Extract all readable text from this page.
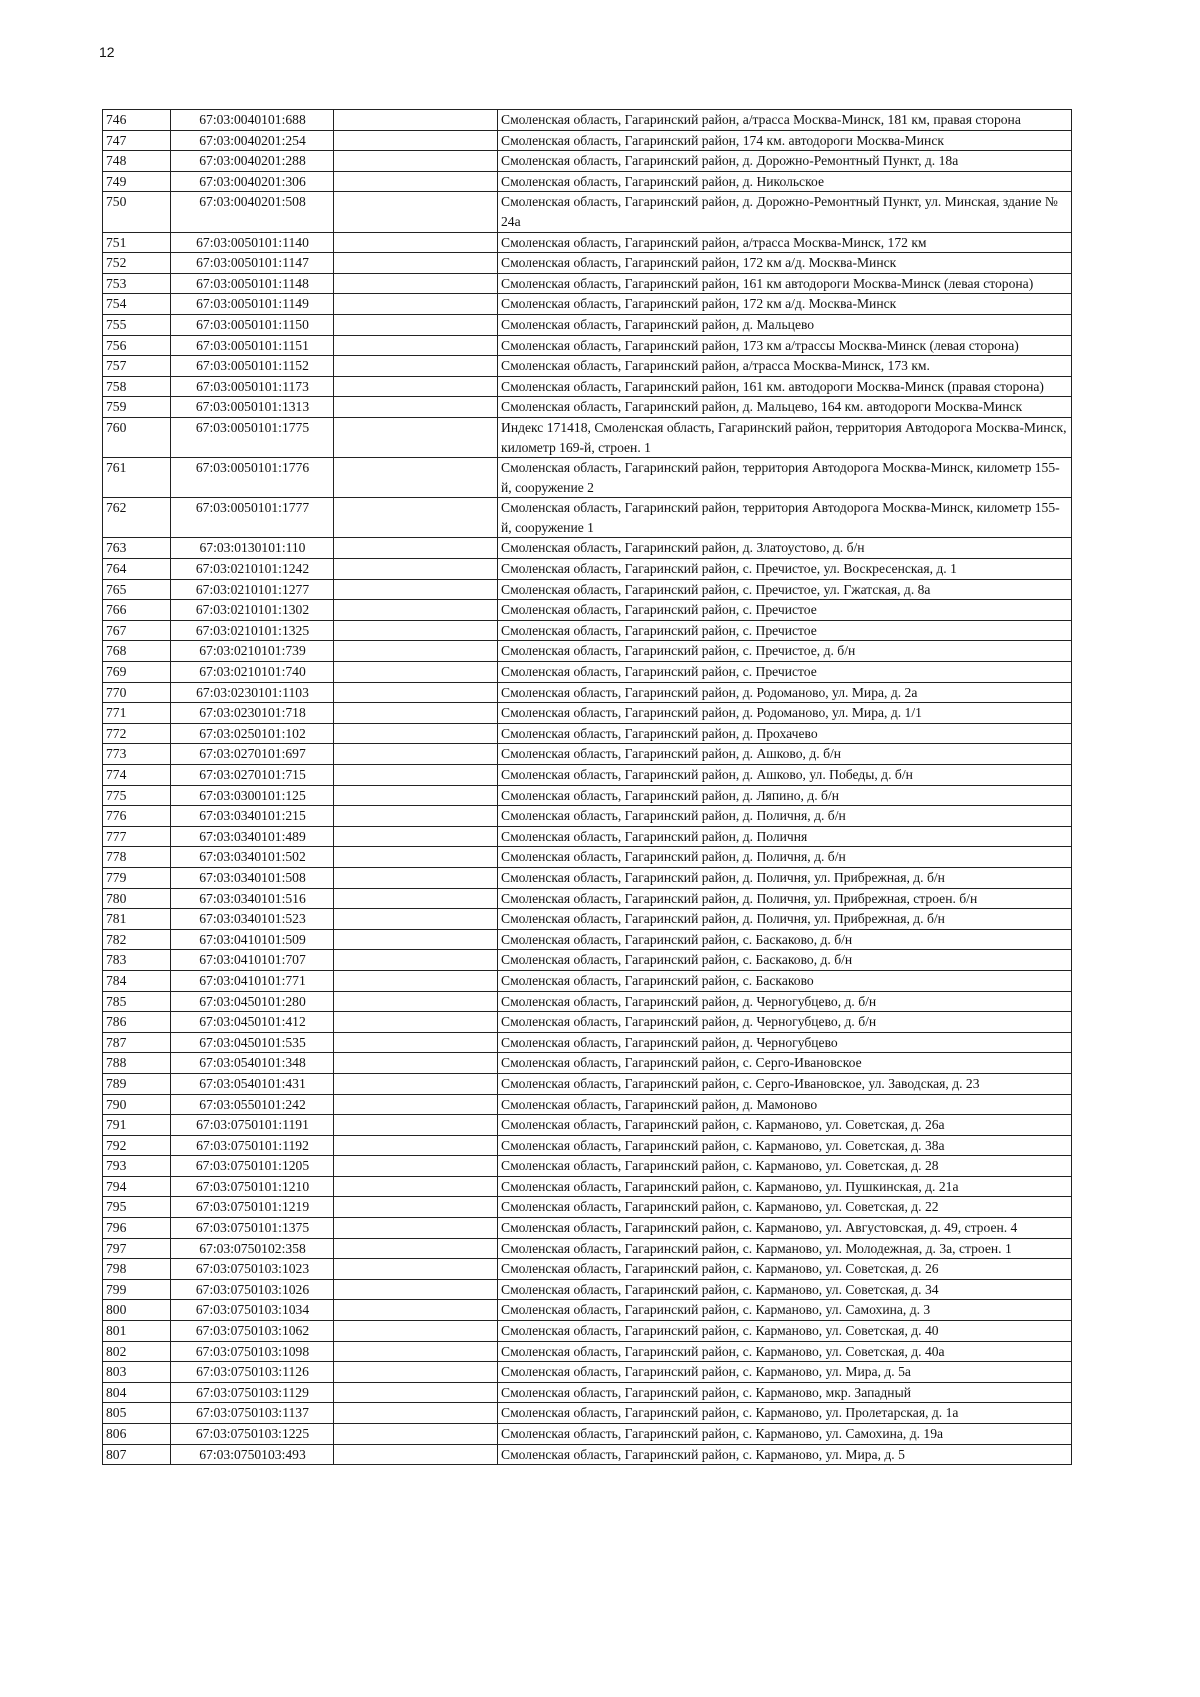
12
746	67:03:0040101:688		Смоленская область, Гагаринский район, а/трасса Москва-Минск, 181 км, правая сторона
747	67:03:0040201:254		Смоленская область, Гагаринский район, 174 км. автодороги Москва-Минск
748	67:03:0040201:288		Смоленская область, Гагаринский район, д. Дорожно-Ремонтный Пункт, д. 18а
749	67:03:0040201:306		Смоленская область, Гагаринский район, д. Никольское
750	67:03:0040201:508		Смоленская область, Гагаринский район, д. Дорожно-Ремонтный Пункт, ул. Минская, здание № 24а
751	67:03:0050101:1140		Смоленская область, Гагаринский район, а/трасса Москва-Минск, 172 км
752	67:03:0050101:1147		Смоленская область, Гагаринский район, 172 км а/д. Москва-Минск
753	67:03:0050101:1148		Смоленская область, Гагаринский район, 161 км автодороги Москва-Минск (левая сторона)
754	67:03:0050101:1149		Смоленская область, Гагаринский район, 172 км а/д. Москва-Минск
755	67:03:0050101:1150		Смоленская область, Гагаринский район, д. Мальцево
756	67:03:0050101:1151		Смоленская область, Гагаринский район, 173 км а/трассы Москва-Минск (левая сторона)
757	67:03:0050101:1152		Смоленская область, Гагаринский район, а/трасса Москва-Минск, 173 км.
758	67:03:0050101:1173		Смоленская область, Гагаринский район, 161 км. автодороги Москва-Минск (правая сторона)
759	67:03:0050101:1313		Смоленская область, Гагаринский район, д. Мальцево, 164 км. автодороги Москва-Минск
760	67:03:0050101:1775		Индекс 171418, Смоленская область, Гагаринский район, территория Автодорога Москва-Минск, километр 169-й, строен. 1
761	67:03:0050101:1776		Смоленская область, Гагаринский район, территория Автодорога Москва-Минск, километр 155-й, сооружение 2
762	67:03:0050101:1777		Смоленская область, Гагаринский район, территория Автодорога Москва-Минск, километр 155-й, сооружение 1
763	67:03:0130101:110		Смоленская область, Гагаринский район, д. Златоустово, д. б/н
764	67:03:0210101:1242		Смоленская область, Гагаринский район, с. Пречистое, ул. Воскресенская, д. 1
765	67:03:0210101:1277		Смоленская область, Гагаринский район, с. Пречистое, ул. Гжатская, д. 8а
766	67:03:0210101:1302		Смоленская область, Гагаринский район, с. Пречистое
767	67:03:0210101:1325		Смоленская область, Гагаринский район, с. Пречистое
768	67:03:0210101:739		Смоленская область, Гагаринский район, с. Пречистое, д. б/н
769	67:03:0210101:740		Смоленская область, Гагаринский район, с. Пречистое
770	67:03:0230101:1103		Смоленская область, Гагаринский район, д. Родоманово, ул. Мира, д. 2а
771	67:03:0230101:718		Смоленская область, Гагаринский район, д. Родоманово, ул. Мира, д. 1/1
772	67:03:0250101:102		Смоленская область, Гагаринский район, д. Прохачево
773	67:03:0270101:697		Смоленская область, Гагаринский район, д. Ашково, д. б/н
774	67:03:0270101:715		Смоленская область, Гагаринский район, д. Ашково, ул. Победы, д. б/н
775	67:03:0300101:125		Смоленская область, Гагаринский район, д. Ляпино, д. б/н
776	67:03:0340101:215		Смоленская область, Гагаринский район, д. Поличня, д. б/н
777	67:03:0340101:489		Смоленская область, Гагаринский район, д. Поличня
778	67:03:0340101:502		Смоленская область, Гагаринский район, д. Поличня, д. б/н
779	67:03:0340101:508		Смоленская область, Гагаринский район, д. Поличня, ул. Прибрежная, д. б/н
780	67:03:0340101:516		Смоленская область, Гагаринский район, д. Поличня, ул. Прибрежная, строен. б/н
781	67:03:0340101:523		Смоленская область, Гагаринский район, д. Поличня, ул. Прибрежная, д. б/н
782	67:03:0410101:509		Смоленская область, Гагаринский район, с. Баскаково, д. б/н
783	67:03:0410101:707		Смоленская область, Гагаринский район, с. Баскаково, д. б/н
784	67:03:0410101:771		Смоленская область, Гагаринский район, с. Баскаково
785	67:03:0450101:280		Смоленская область, Гагаринский район, д. Черногубцево, д. б/н
786	67:03:0450101:412		Смоленская область, Гагаринский район, д. Черногубцево, д. б/н
787	67:03:0450101:535		Смоленская область, Гагаринский район, д. Черногубцево
788	67:03:0540101:348		Смоленская область, Гагаринский район, с. Серго-Ивановское
789	67:03:0540101:431		Смоленская область, Гагаринский район, с. Серго-Ивановское, ул. Заводская, д. 23
790	67:03:0550101:242		Смоленская область, Гагаринский район, д. Мамоново
791	67:03:0750101:1191		Смоленская область, Гагаринский район, с. Карманово, ул. Советская, д. 26а
792	67:03:0750101:1192		Смоленская область, Гагаринский район, с. Карманово, ул. Советская, д. 38а
793	67:03:0750101:1205		Смоленская область, Гагаринский район, с. Карманово, ул. Советская, д. 28
794	67:03:0750101:1210		Смоленская область, Гагаринский район, с. Карманово, ул. Пушкинская, д. 21а
795	67:03:0750101:1219		Смоленская область, Гагаринский район, с. Карманово, ул. Советская, д. 22
796	67:03:0750101:1375		Смоленская область, Гагаринский район, с. Карманово, ул. Августовская, д. 49, строен. 4
797	67:03:0750102:358		Смоленская область, Гагаринский район, с. Карманово, ул. Молодежная, д. 3а, строен. 1
798	67:03:0750103:1023		Смоленская область, Гагаринский район, с. Карманово, ул. Советская, д. 26
799	67:03:0750103:1026		Смоленская область, Гагаринский район, с. Карманово, ул. Советская, д. 34
800	67:03:0750103:1034		Смоленская область, Гагаринский район, с. Карманово, ул. Самохина, д. 3
801	67:03:0750103:1062		Смоленская область, Гагаринский район, с. Карманово, ул. Советская, д. 40
802	67:03:0750103:1098		Смоленская область, Гагаринский район, с. Карманово, ул. Советская, д. 40а
803	67:03:0750103:1126		Смоленская область, Гагаринский район, с. Карманово, ул. Мира, д. 5а
804	67:03:0750103:1129		Смоленская область, Гагаринский район, с. Карманово, мкр. Западный
805	67:03:0750103:1137		Смоленская область, Гагаринский район, с. Карманово, ул. Пролетарская, д. 1а
806	67:03:0750103:1225		Смоленская область, Гагаринский район, с. Карманово, ул. Самохина, д. 19а
807	67:03:0750103:493		Смоленская область, Гагаринский район, с. Карманово, ул. Мира, д. 5
